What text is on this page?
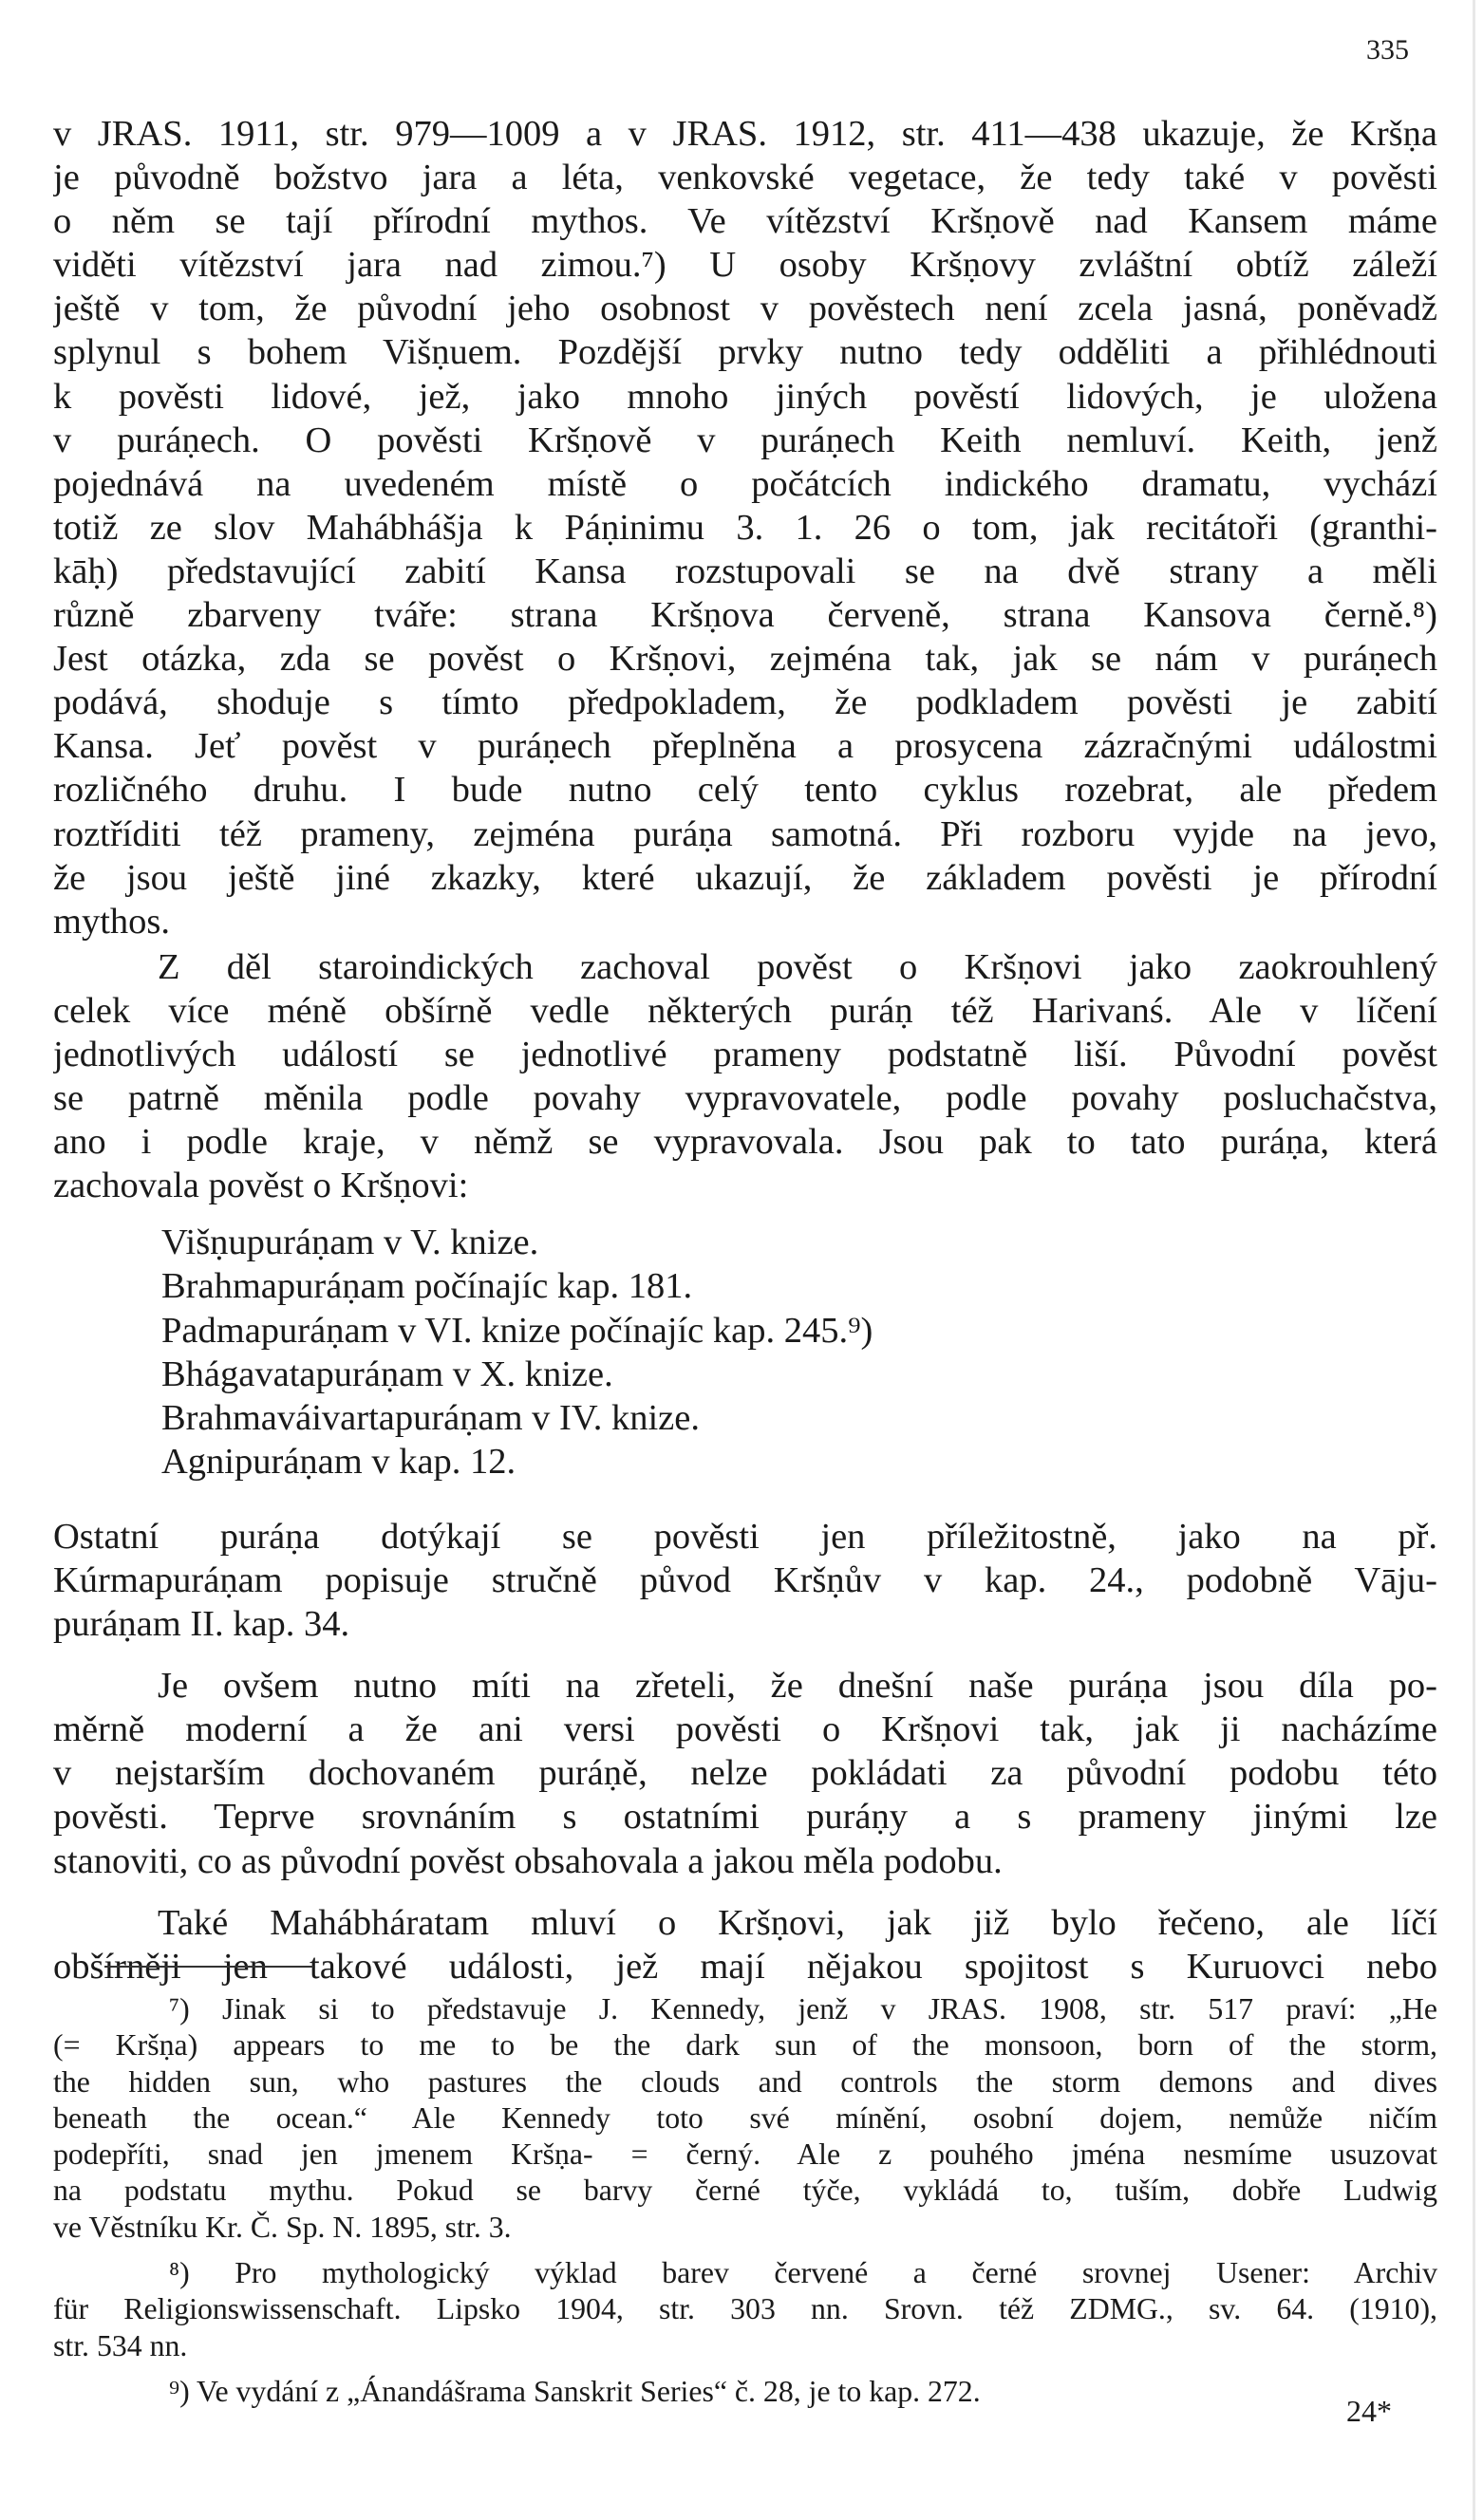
335
v JRAS. 1911, str. 979—1009 a v JRAS. 1912, str. 411—438 ukazuje, že Kršṇa
je původně božstvo jara a léta, venkovské vegetace, že tedy také v pověsti
o něm se tají přírodní mythos. Ve vítězství Kršṇově nad Kansem máme
viděti vítězství jara nad zimou.⁷) U osoby Kršṇovy zvláštní obtíž záleží
ještě v tom, že původní jeho osobnost v pověstech není zcela jasná, poněvadž
splynul s bohem Višṇuem. Pozdější prvky nutno tedy odděliti a přihlédnouti
k pověsti lidové, jež, jako mnoho jiných pověstí lidových, je uložena
v puráṇech. O pověsti Kršṇově v puráṇech Keith nemluví. Keith, jenž
pojednává na uvedeném místě o počátcích indického dramatu, vychází
totiž ze slov Mahábhášja k Páṇinimu 3. 1. 26 o tom, jak recitátoři (granthi-
kāḥ) představující zabití Kansa rozstupovali se na dvě strany a měli
různě zbarveny tváře: strana Kršṇova červeně, strana Kansova černě.⁸)
Jest otázka, zda se pověst o Kršṇovi, zejména tak, jak se nám v puráṇech
podává, shoduje s tímto předpokladem, že podkladem pověsti je zabití
Kansa. Jeť pověst v puráṇech přeplněna a prosycena zázračnými událostmi
rozličného druhu. I bude nutno celý tento cyklus rozebrat, ale předem
roztříditi též prameny, zejména puráṇa samotná. Při rozboru vyjde na jevo,
že jsou ještě jiné zkazky, které ukazují, že základem pověsti je přírodní
mythos.
Z děl staroindických zachoval pověst o Kršṇovi jako zaokrouhlený
celek více méně obšírně vedle některých puráṇ též Harivanś. Ale v líčení
jednotlivých událostí se jednotlivé prameny podstatně liší. Původní pověst
se patrně měnila podle povahy vypravovatele, podle povahy posluchačstva,
ano i podle kraje, v němž se vypravovala. Jsou pak to tato puráṇa, která
zachovala pověst o Kršṇovi:
Višṇupuráṇam v V. knize.
Brahmapuráṇam počínajíc kap. 181.
Padmapuráṇam v VI. knize počínajíc kap. 245.⁹)
Bhágavatapuráṇam v X. knize.
Brahmaváivartapuráṇam v IV. knize.
Agnipuráṇam v kap. 12.
Ostatní puráṇa dotýkají se pověsti jen příležitostně, jako na př.
Kúrmapuráṇam popisuje stručně původ Kršṇův v kap. 24., podobně Vāju-
puráṇam II. kap. 34.
Je ovšem nutno míti na zřeteli, že dnešní naše puráṇa jsou díla po-
měrně moderní a že ani versi pověsti o Kršṇovi tak, jak ji nacházíme
v nejstarším dochovaném puráṇě, nelze pokládati za původní podobu této
pověsti. Teprve srovnáním s ostatními puráṇy a s prameny jinými lze
stanoviti, co as původní pověst obsahovala a jakou měla podobu.
Také Mahábháratam mluví o Kršṇovi, jak již bylo řečeno, ale líčí
obšírněji jen takové události, jež mají nějakou spojitost s Kuruovci nebo
⁷) Jinak si to představuje J. Kennedy, jenž v JRAS. 1908, str. 517 praví: „He
(= Kršṇa) appears to me to be the dark sun of the monsoon, born of the storm,
the hidden sun, who pastures the clouds and controls the storm demons and dives
beneath the ocean.“ Ale Kennedy toto své mínění, osobní dojem, nemůže ničím
podepříti, snad jen jmenem Kršṇa- = černý. Ale z pouhého jména nesmíme usuzovat
na podstatu mythu. Pokud se barvy černé týče, vykládá to, tuším, dobře Ludwig
ve Věstníku Kr. Č. Sp. N. 1895, str. 3.
⁸) Pro mythologický výklad barev červené a černé srovnej Usener: Archiv
für Religionswissenschaft. Lipsko 1904, str. 303 nn. Srovn. též ZDMG., sv. 64. (1910),
str. 534 nn.
⁹) Ve vydání z „Ánandášrama Sanskrit Series“ č. 28, je to kap. 272.
24*
